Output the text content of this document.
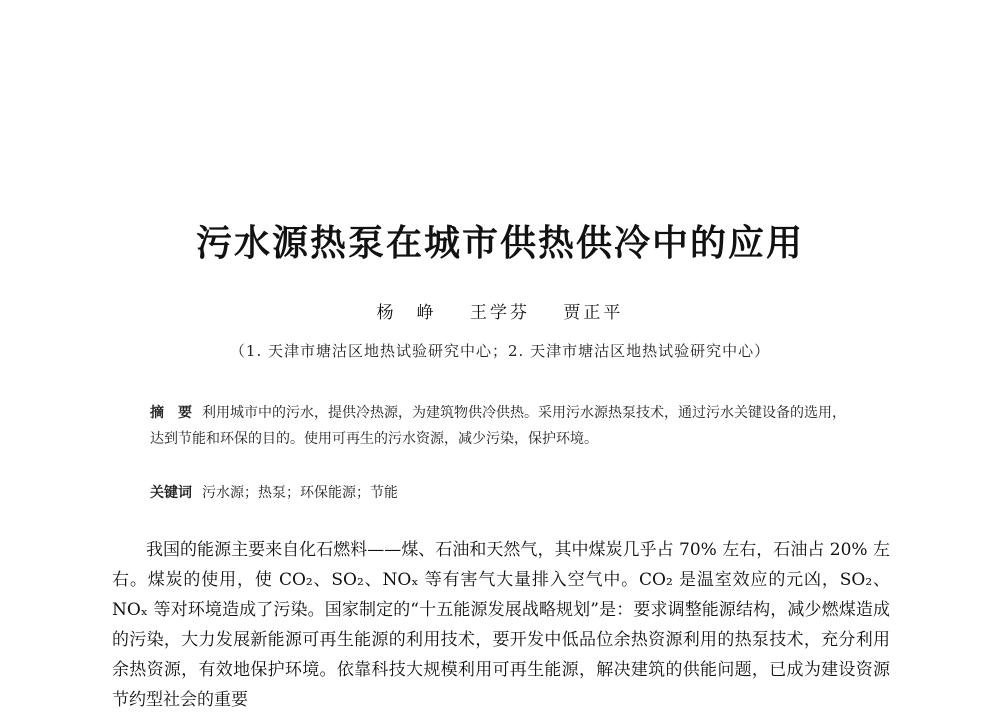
污水源热泵在城市供热供冷中的应用
杨　峥 王学芬 贾正平
（1. 天津市塘沽区地热试验研究中心；2. 天津市塘沽区地热试验研究中心）
摘　要 利用城市中的污水，提供冷热源，为建筑物供冷供热。采用污水源热泵技术，通过污水关键设备的选用，达到节能和环保的目的。使用可再生的污水资源，减少污染，保护环境。
关键词 污水源；热泵；环保能源；节能

我国的能源主要来自化石燃料——煤、石油和天然气，其中煤炭几乎占 70% 左右，石油占 20% 左右。煤炭的使用，使 CO₂、SO₂、NOₓ 等有害气大量排入空气中。CO₂ 是温室效应的元凶，SO₂、NOₓ 等对环境造成了污染。国家制定的“十五能源发展战略规划”是：要求调整能源结构，减少燃煤造成的污染，大力发展新能源可再生能源的利用技术，要开发中低品位余热资源利用的热泵技术，充分利用余热资源，有效地保护环境。依靠科技大规模利用可再生能源，解决建筑的供能问题，已成为建设资源节约型社会的重要
